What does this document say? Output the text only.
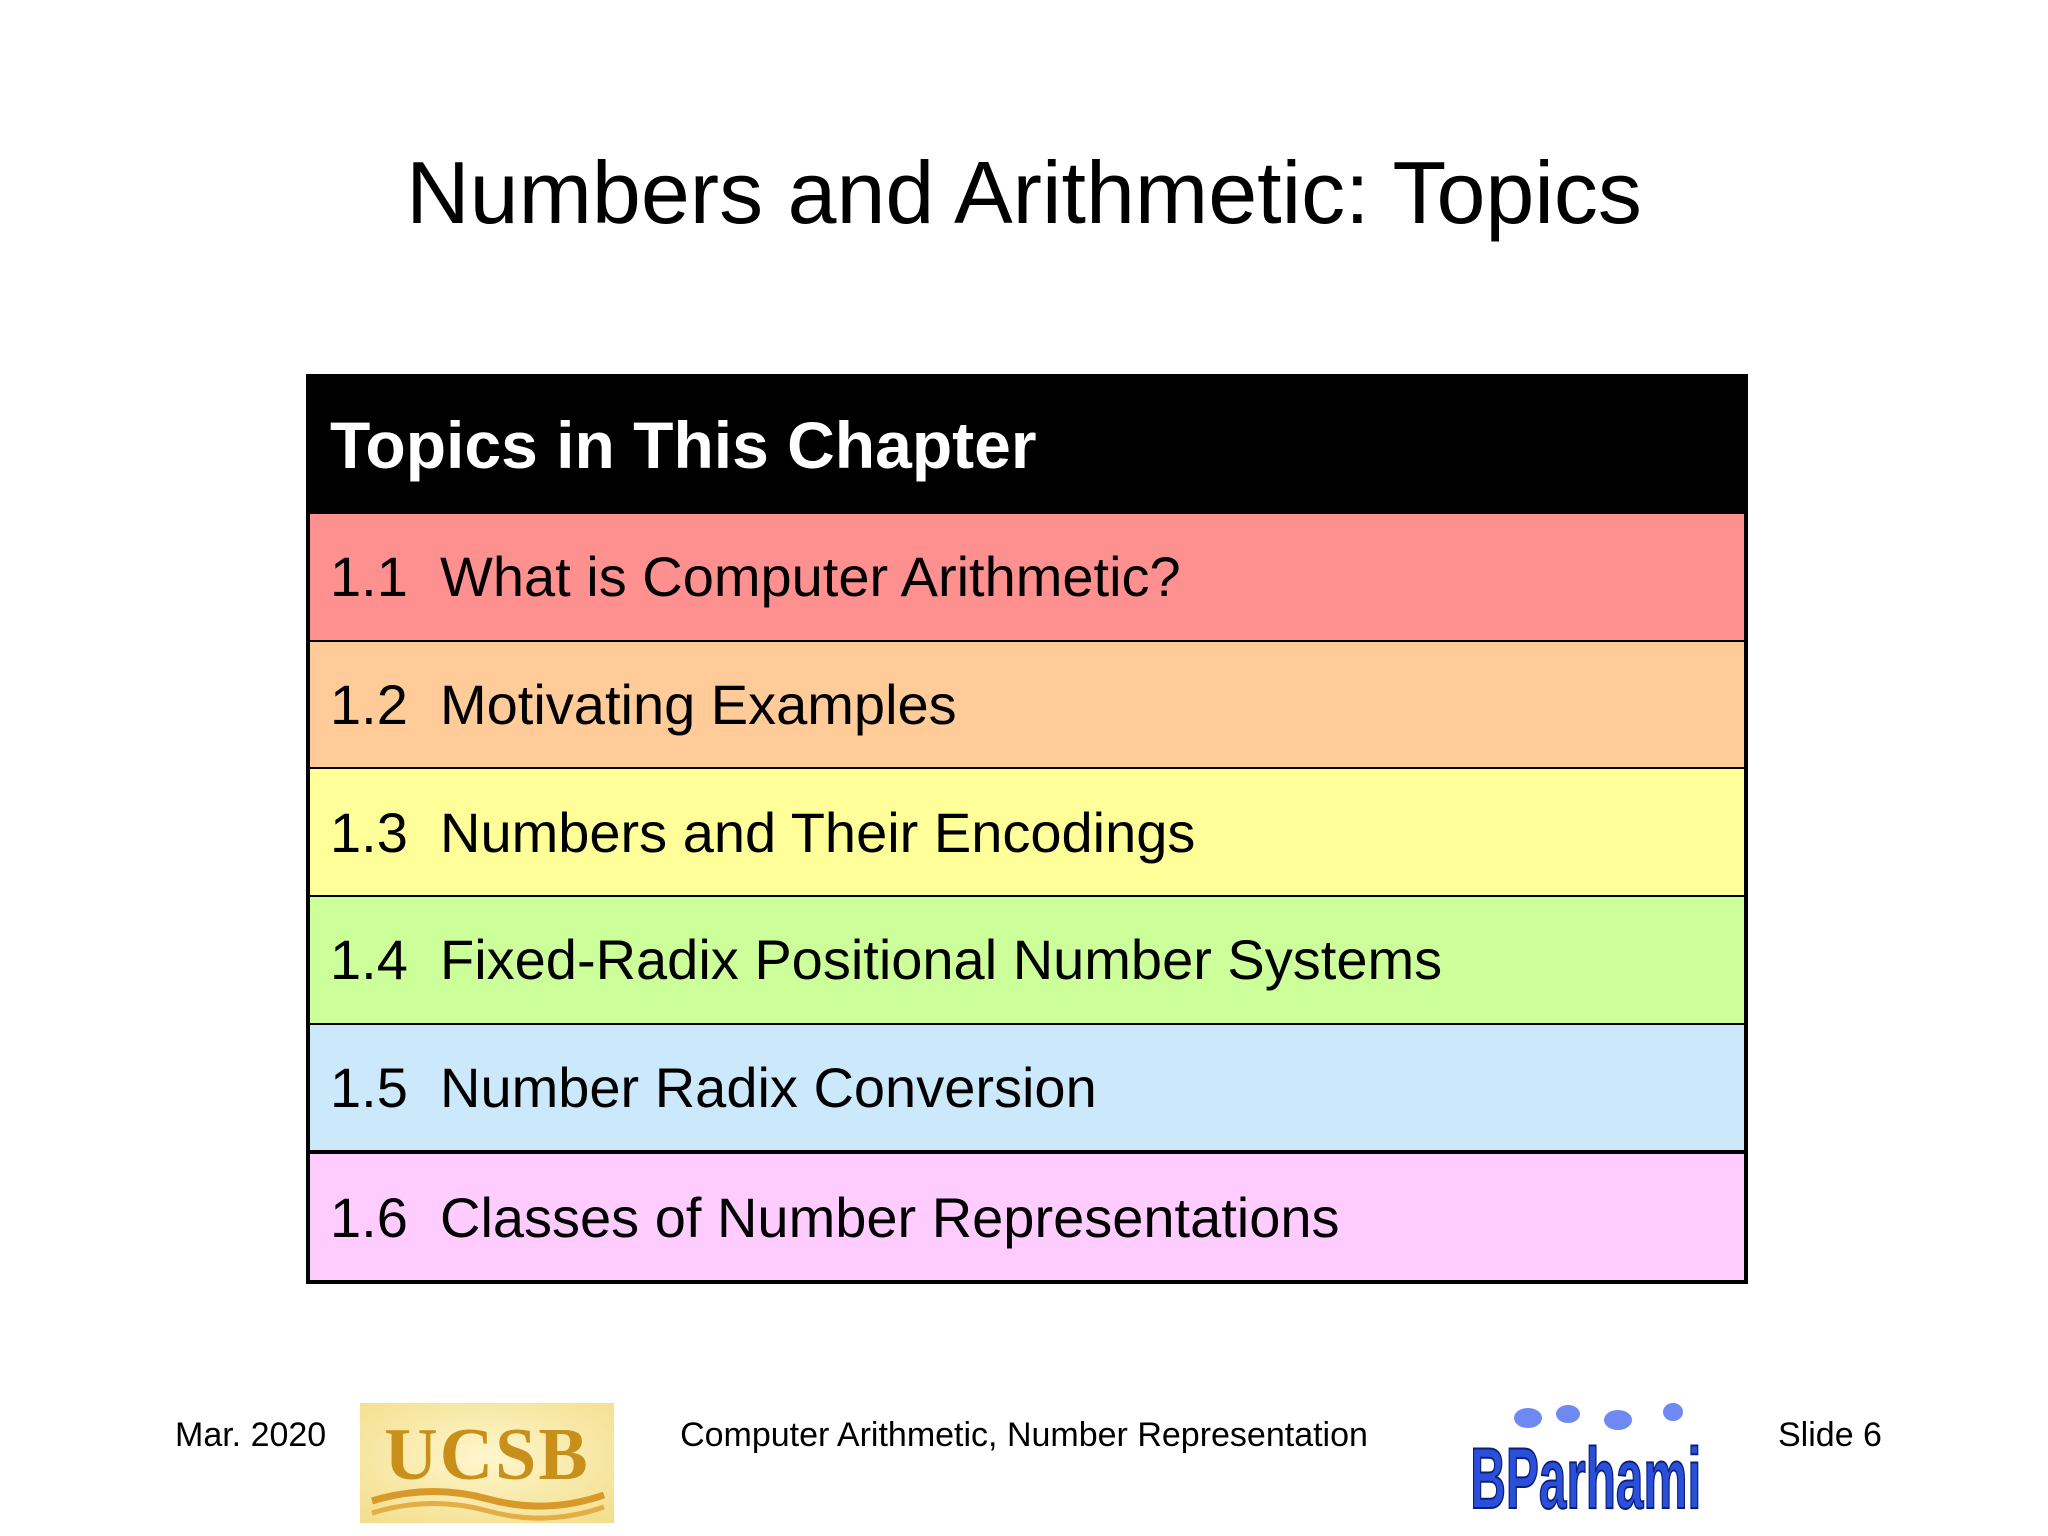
Numbers and Arithmetic: Topics
Topics in This Chapter
1.1 What is Computer Arithmetic?
1.2 Motivating Examples
1.3 Numbers and Their Encodings
1.4 Fixed-Radix Positional Number Systems
1.5 Number Radix Conversion
1.6 Classes of Number Representations
Mar. 2020	Computer Arithmetic, Number Representation	Slide 6
UCSB	BParhami
